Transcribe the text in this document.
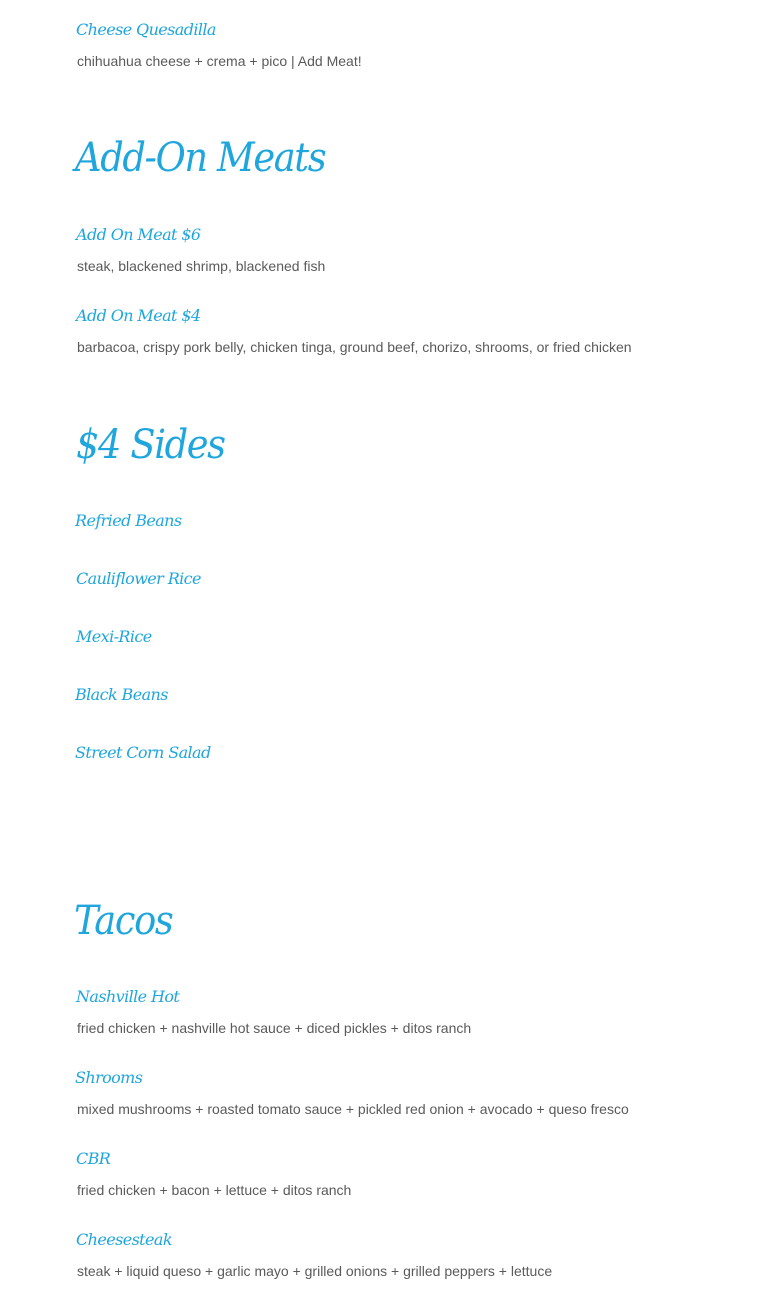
Cheese Quesadilla
chihuahua cheese + crema + pico | Add Meat!
Add-On Meats
Add On Meat $6
steak, blackened shrimp, blackened fish
Add On Meat $4
barbacoa, crispy pork belly, chicken tinga, ground beef, chorizo, shrooms, or fried chicken
$4 Sides
Refried Beans
Cauliflower Rice
Mexi-Rice
Black Beans
Street Corn Salad
Tacos
Nashville Hot
fried chicken + nashville hot sauce + diced pickles + ditos ranch
Shrooms
mixed mushrooms + roasted tomato sauce + pickled red onion + avocado + queso fresco
CBR
fried chicken + bacon + lettuce + ditos ranch
Cheesesteak
steak + liquid queso + garlic mayo + grilled onions + grilled peppers + lettuce
